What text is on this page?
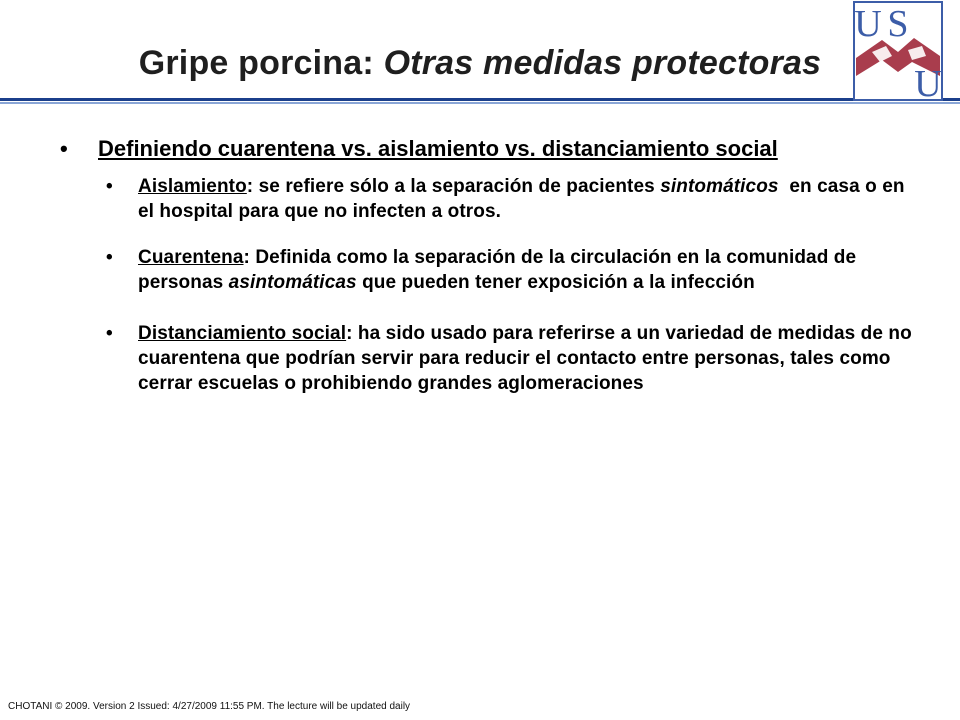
Gripe porcina: Otras medidas protectoras
U S
U
•	Definiendo cuarentena vs. aislamiento vs. distanciamiento social
•	Aislamiento: se refiere sólo a la separación de pacientes sintomáticos  en casa o en el hospital para que no infecten a otros.
•	Cuarentena: Definida como la separación de la circulación en la comunidad de personas asintomáticas que pueden tener exposición a la infección
•	Distanciamiento social: ha sido usado para referirse a un variedad de medidas de no cuarentena que podrían servir para reducir el contacto entre personas, tales como cerrar escuelas o prohibiendo grandes aglomeraciones
CHOTANI © 2009. Version 2 Issued: 4/27/2009 11:55 PM. The lecture will be updated daily
